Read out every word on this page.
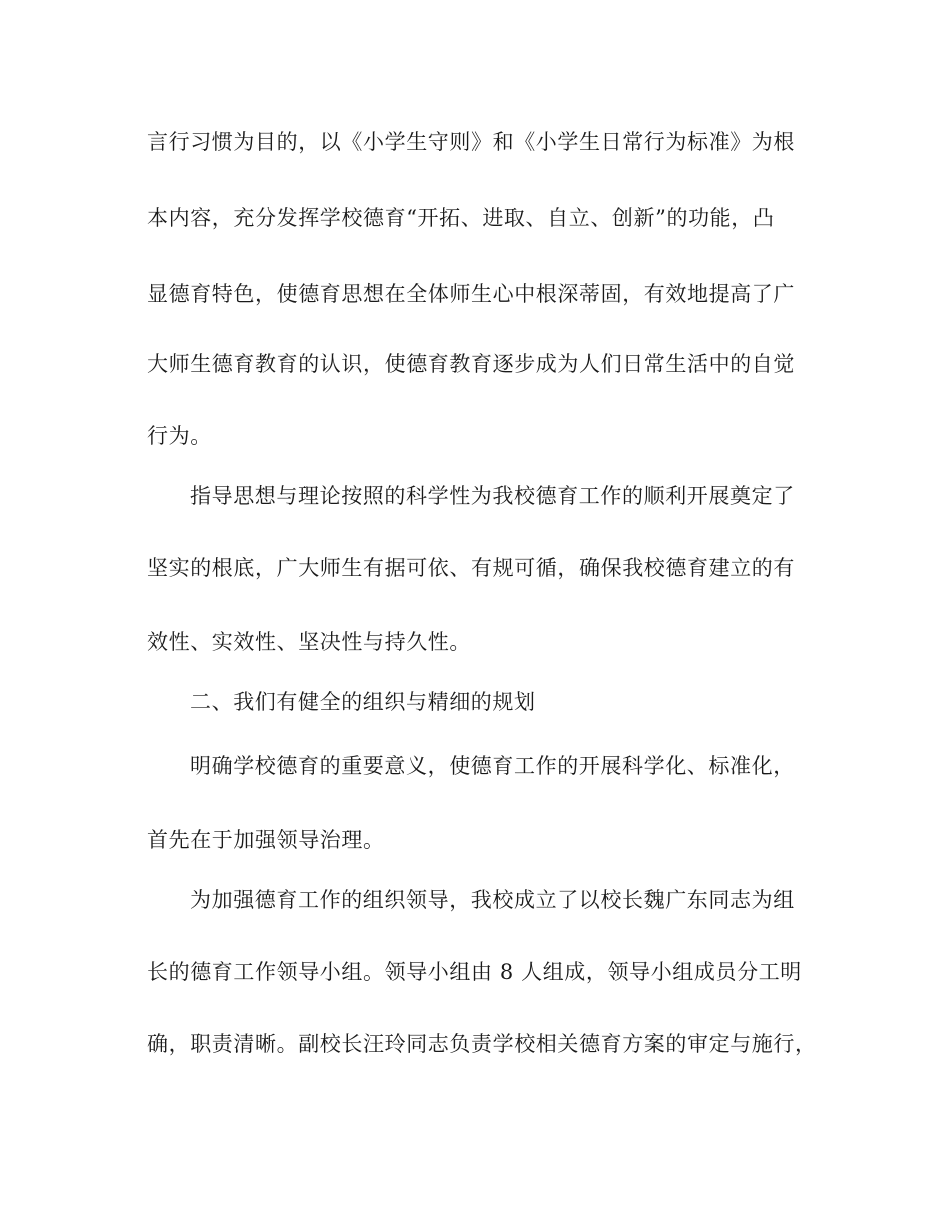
言行习惯为目的，以《小学生守则》和《小学生日常行为标准》为根
本内容，充分发挥学校德育“开拓、进取、自立、创新”的功能，凸
显德育特色，使德育思想在全体师生心中根深蒂固，有效地提高了广
大师生德育教育的认识，使德育教育逐步成为人们日常生活中的自觉
行为。
指导思想与理论按照的科学性为我校德育工作的顺利开展奠定了
坚实的根底，广大师生有据可依、有规可循，确保我校德育建立的有
效性、实效性、坚决性与持久性。
二、我们有健全的组织与精细的规划
明确学校德育的重要意义，使德育工作的开展科学化、标准化，
首先在于加强领导治理。
为加强德育工作的组织领导，我校成立了以校长魏广东同志为组
长的德育工作领导小组。领导小组由 8 人组成，领导小组成员分工明
确，职责清晰。副校长汪玲同志负责学校相关德育方案的审定与施行，
